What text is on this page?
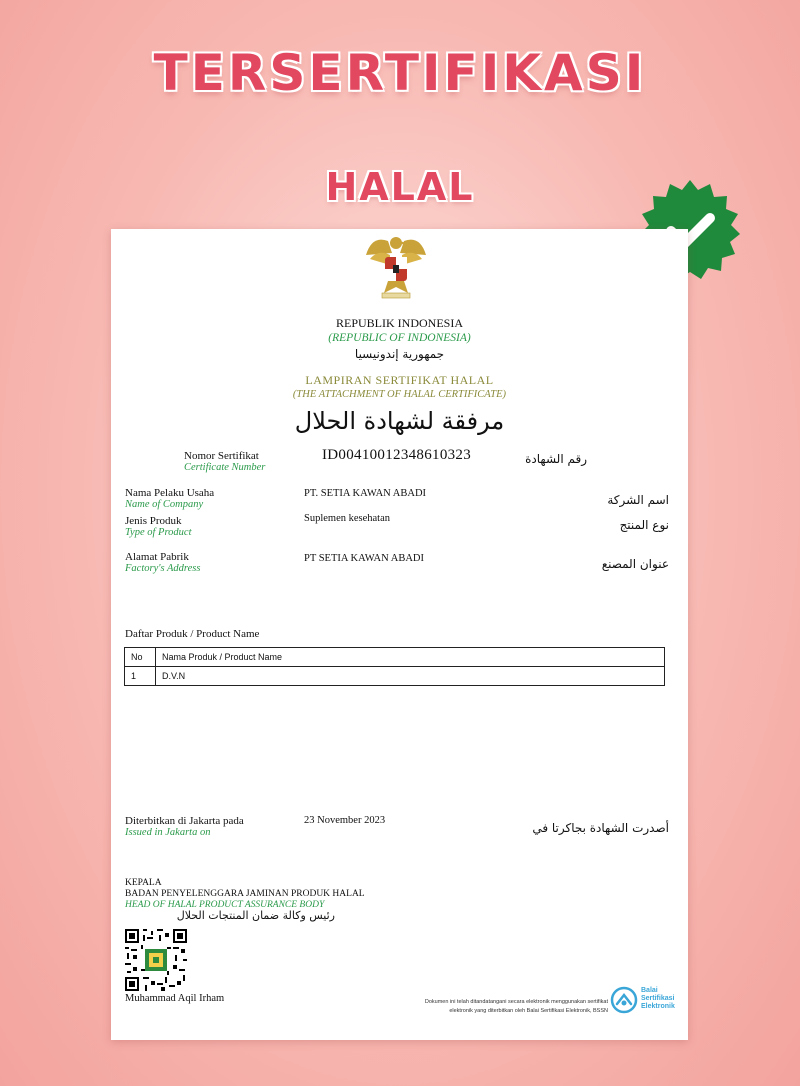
TERSERTIFIKASI
HALAL
REPUBLIK INDONESIA
(REPUBLIC OF INDONESIA)
جمهورية إندونيسيا
LAMPIRAN SERTIFIKAT HALAL
(THE ATTACHMENT OF HALAL CERTIFICATE)
مرفقة لشهادة الحلال
Nomor Sertifikat
Certificate Number
ID00410012348610323	رقم الشهادة
Nama Pelaku Usaha
Name of Company
PT. SETIA KAWAN ABADI	اسم الشركة
Jenis Produk
Type of Product
Suplemen kesehatan	نوع المنتج
Alamat Pabrik
Factory's Address
PT SETIA KAWAN ABADI	عنوان المصنع
Daftar Produk / Product Name
No	Nama Produk / Product Name
1	D.V.N
Diterbitkan di Jakarta pada
Issued in Jakarta on
23 November 2023
أصدرت الشهادة بجاكرتا في
KEPALA
BADAN PENYELENGGARA JAMINAN PRODUK HALAL
HEAD OF HALAL PRODUCT ASSURANCE BODY
رئيس وكالة ضمان المنتجات الحلال
Muhammad Aqil Irham	Dokumen ini telah ditandatangani secara elektronik menggunakan sertifikat
elektronik yang diterbitkan oleh Balai Sertifikasi Elektronik, BSSN
Balai
Sertifikasi
Elektronik
